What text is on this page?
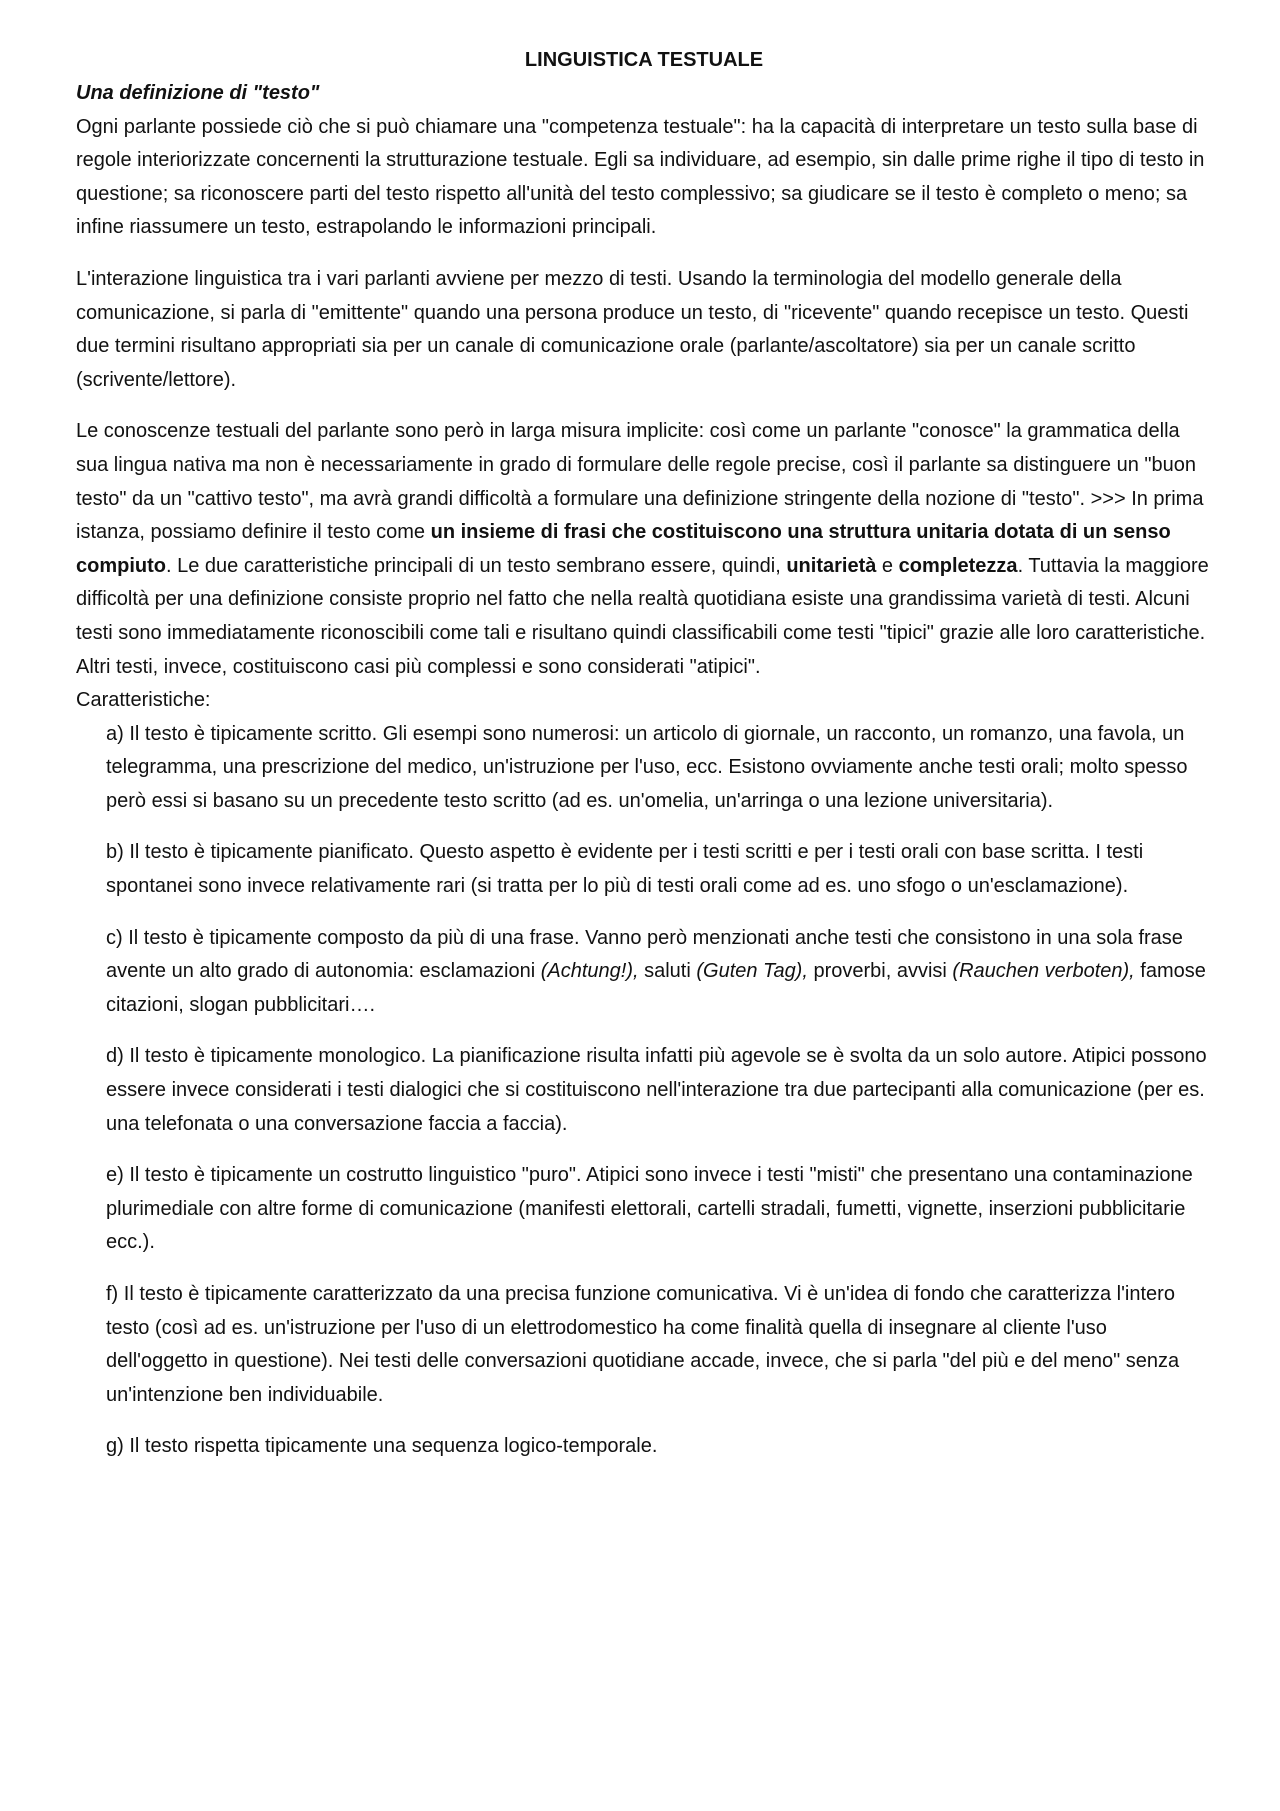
LINGUISTICA TESTUALE

Una definizione di "testo"

Ogni parlante possiede ciò che si può chiamare una "competenza testuale": ha la capacità di interpretare un testo sulla base di regole interiorizzate concernenti la strutturazione testuale. Egli sa individuare, ad esempio, sin dalle prime righe il tipo di testo in questione; sa riconoscere parti del testo rispetto all'unità del testo complessivo; sa giudicare se il testo è completo o meno; sa infine riassumere un testo, estrapolando le informazioni principali.

L'interazione linguistica tra i vari parlanti avviene per mezzo di testi. Usando la terminologia del modello generale della comunicazione, si parla di "emittente" quando una persona produce un testo, di "ricevente" quando recepisce un testo. Questi due termini risultano appropriati sia per un canale di comunicazione orale (parlante/ascoltatore) sia per un canale scritto (scrivente/lettore).

Le conoscenze testuali del parlante sono però in larga misura implicite: così come un parlante "conosce" la grammatica della sua lingua nativa ma non è necessariamente in grado di formulare delle regole precise, così il parlante sa distinguere un "buon testo" da un "cattivo testo", ma avrà grandi difficoltà a formulare una definizione stringente della nozione di "testo". >>> In prima istanza, possiamo definire il testo come un insieme di frasi che costituiscono una struttura unitaria dotata di un senso compiuto. Le due caratteristiche principali di un testo sembrano essere, quindi, unitarietà e completezza. Tuttavia la maggiore difficoltà per una definizione consiste proprio nel fatto che nella realtà quotidiana esiste una grandissima varietà di testi. Alcuni testi sono immediatamente riconoscibili come tali e risultano quindi classificabili come testi "tipici" grazie alle loro caratteristiche. Altri testi, invece, costituiscono casi più complessi e sono considerati "atipici".

Caratteristiche:

a) Il testo è tipicamente scritto. Gli esempi sono numerosi: un articolo di giornale, un racconto, un romanzo, una favola, un telegramma, una prescrizione del medico, un'istruzione per l'uso, ecc. Esistono ovviamente anche testi orali; molto spesso però essi si basano su un precedente testo scritto (ad es. un'omelia, un'arringa o una lezione universitaria).

b) Il testo è tipicamente pianificato. Questo aspetto è evidente per i testi scritti e per i testi orali con base scritta. I testi spontanei sono invece relativamente rari (si tratta per lo più di testi orali come ad es. uno sfogo o un'esclamazione).

c) Il testo è tipicamente composto da più di una frase. Vanno però menzionati anche testi che consistono in una sola frase avente un alto grado di autonomia: esclamazioni (Achtung!), saluti (Guten Tag), proverbi, avvisi (Rauchen verboten), famose citazioni, slogan pubblicitari….

d) Il testo è tipicamente monologico. La pianificazione risulta infatti più agevole se è svolta da un solo autore. Atipici possono essere invece considerati i testi dialogici che si costituiscono nell'interazione tra due partecipanti alla comunicazione (per es. una telefonata o una conversazione faccia a faccia).

e) Il testo è tipicamente un costrutto linguistico "puro". Atipici sono invece i testi "misti" che presentano una contaminazione plurimediale con altre forme di comunicazione (manifesti elettorali, cartelli stradali, fumetti, vignette, inserzioni pubblicitarie ecc.).

f) Il testo è tipicamente caratterizzato da una precisa funzione comunicativa. Vi è un'idea di fondo che caratterizza l'intero testo (così ad es. un'istruzione per l'uso di un elettrodomestico ha come finalità quella di insegnare al cliente l'uso dell'oggetto in questione). Nei testi delle conversazioni quotidiane accade, invece, che si parla "del più e del meno" senza un'intenzione ben individuabile.

g) Il testo rispetta tipicamente una sequenza logico-temporale.
